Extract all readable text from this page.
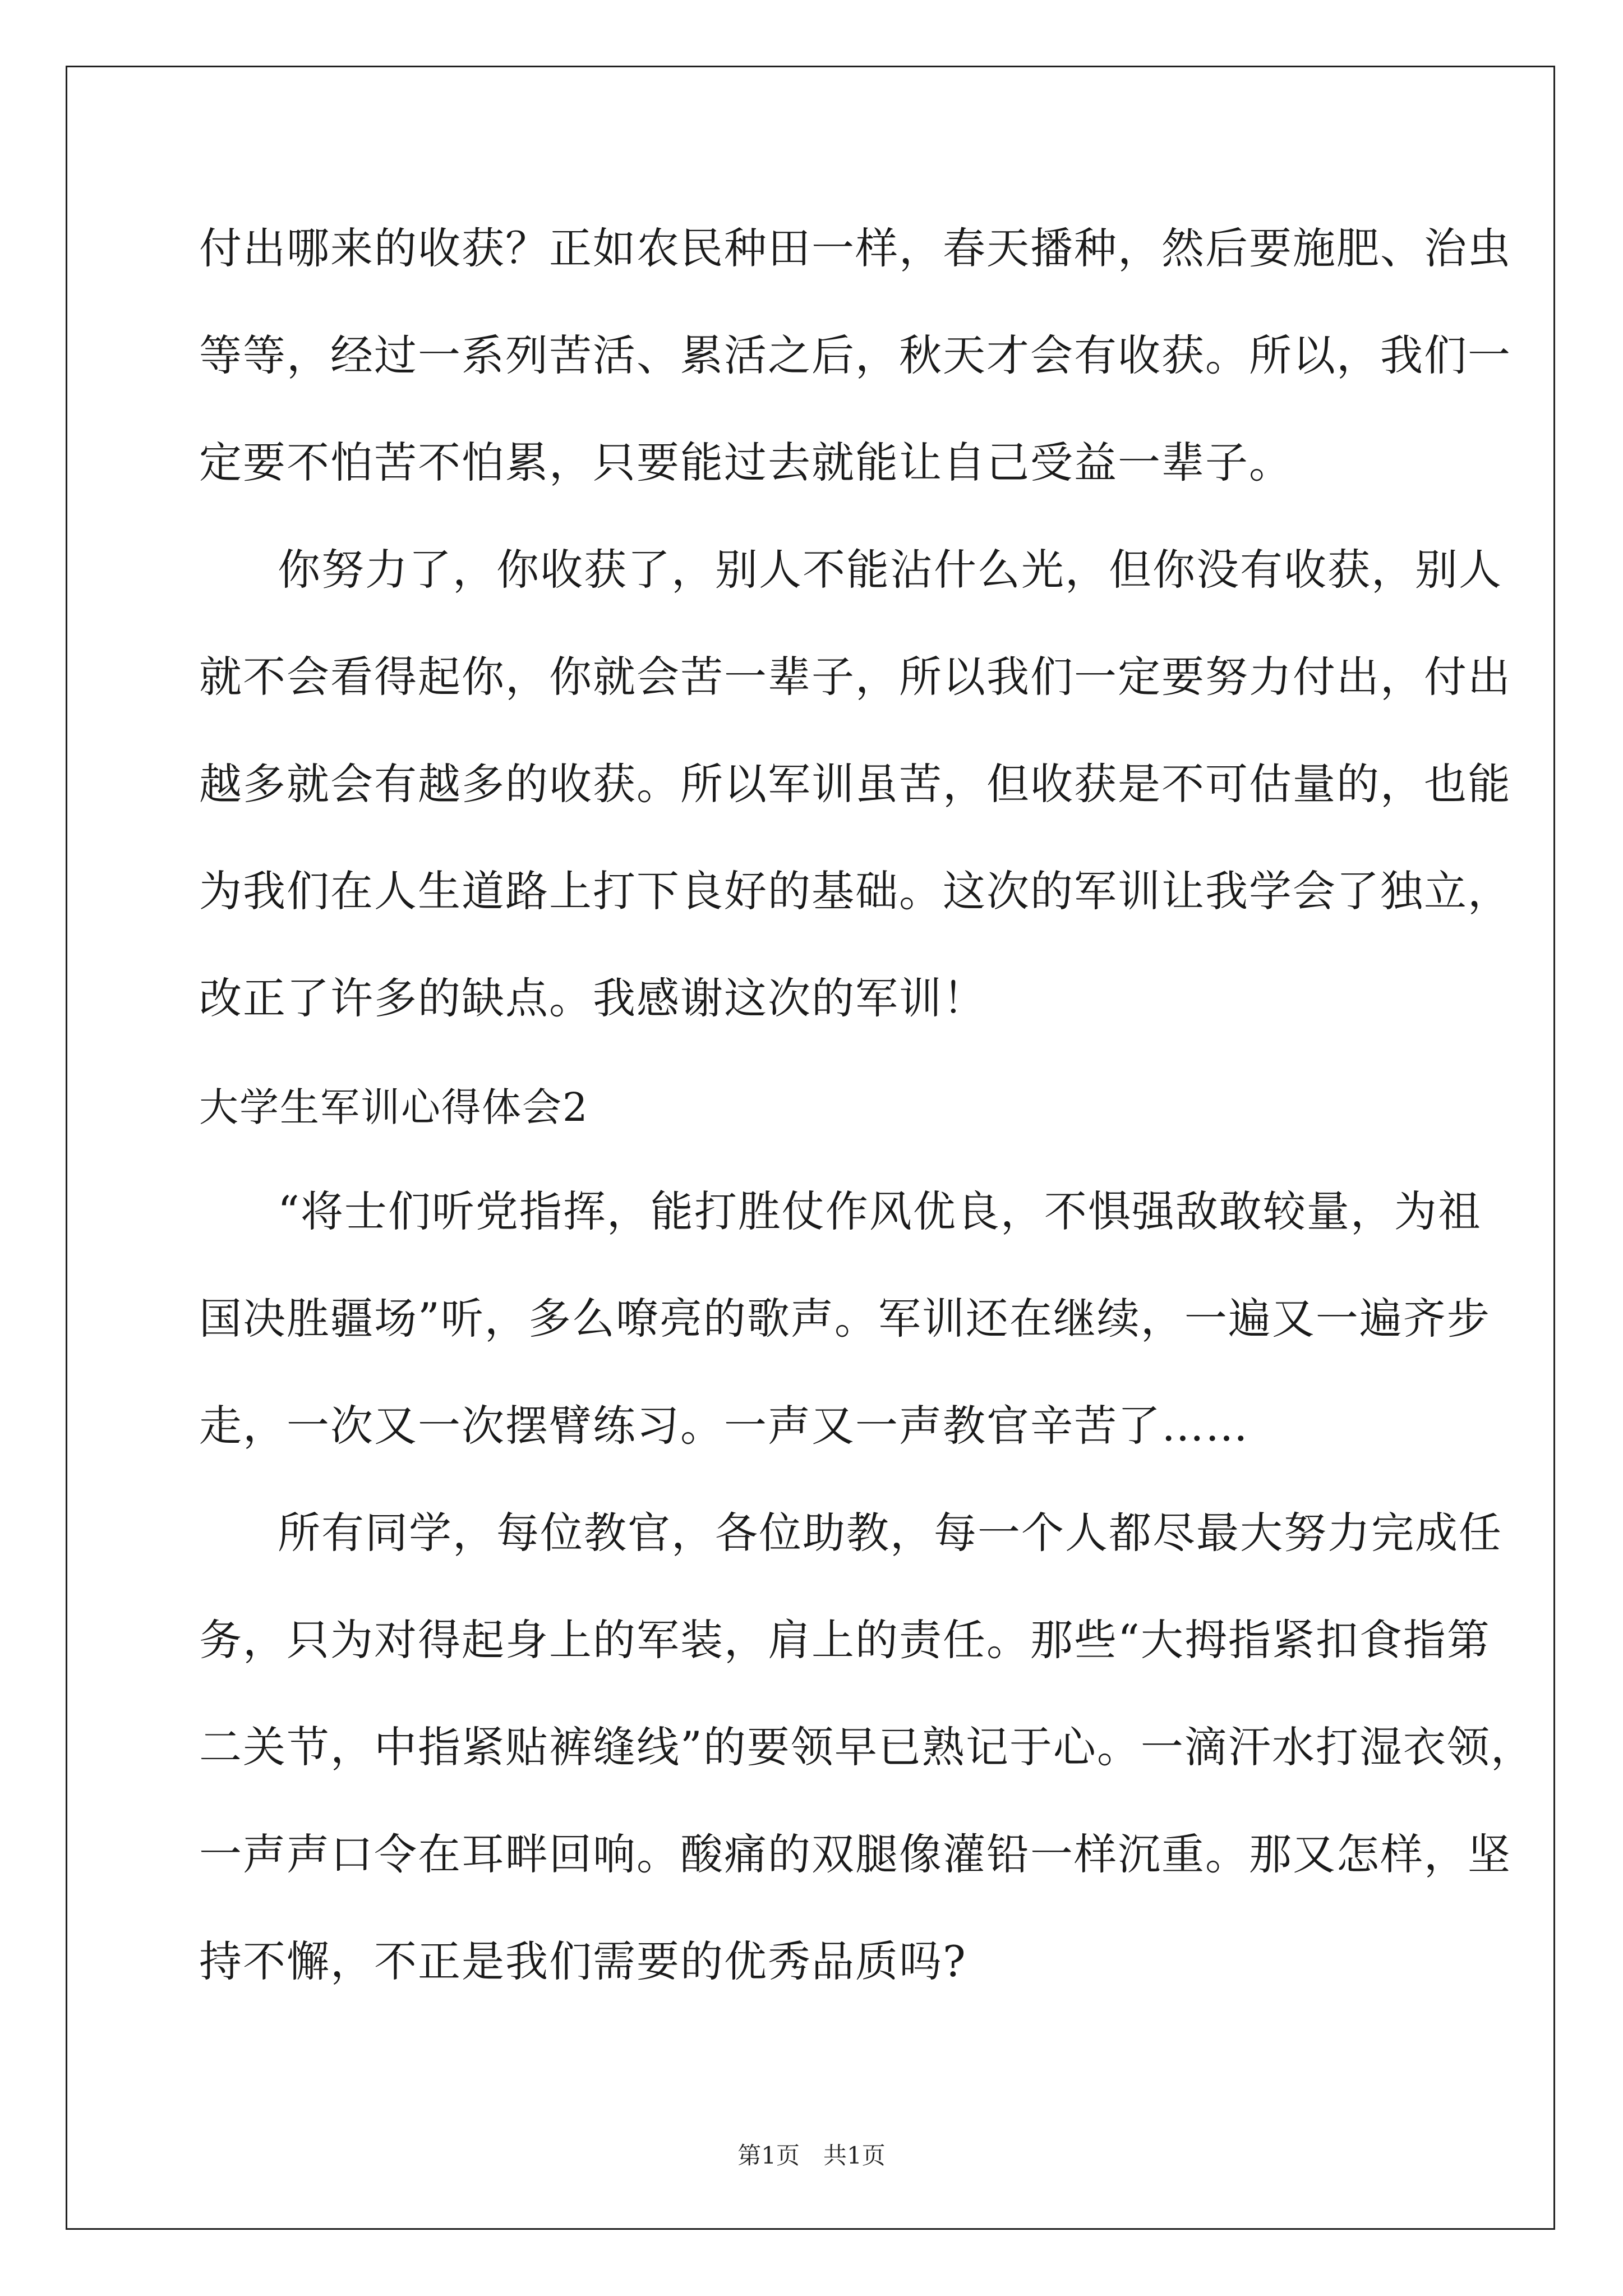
付出哪来的收获？正如农民种田一样，春天播种，然后要施肥、治虫
等等，经过一系列苦活、累活之后，秋天才会有收获。所以，我们一
定要不怕苦不怕累，只要能过去就能让自己受益一辈子。
你努力了，你收获了，别人不能沾什么光，但你没有收获，别人
就不会看得起你，你就会苦一辈子，所以我们一定要努力付出，付出
越多就会有越多的收获。所以军训虽苦，但收获是不可估量的，也能
为我们在人生道路上打下良好的基础。这次的军训让我学会了独立，
改正了许多的缺点。我感谢这次的军训！
大学生军训心得体会2
“将士们听党指挥，能打胜仗作风优良，不惧强敌敢较量，为祖
国决胜疆场”听，多么嘹亮的歌声。军训还在继续，一遍又一遍齐步
走，一次又一次摆臂练习。一声又一声教官辛苦了……
所有同学，每位教官，各位助教，每一个人都尽最大努力完成任
务，只为对得起身上的军装，肩上的责任。那些“大拇指紧扣食指第
二关节，中指紧贴裤缝线”的要领早已熟记于心。一滴汗水打湿衣领，
一声声口令在耳畔回响。酸痛的双腿像灌铅一样沉重。那又怎样，坚
持不懈，不正是我们需要的优秀品质吗?
第1页　共1页
